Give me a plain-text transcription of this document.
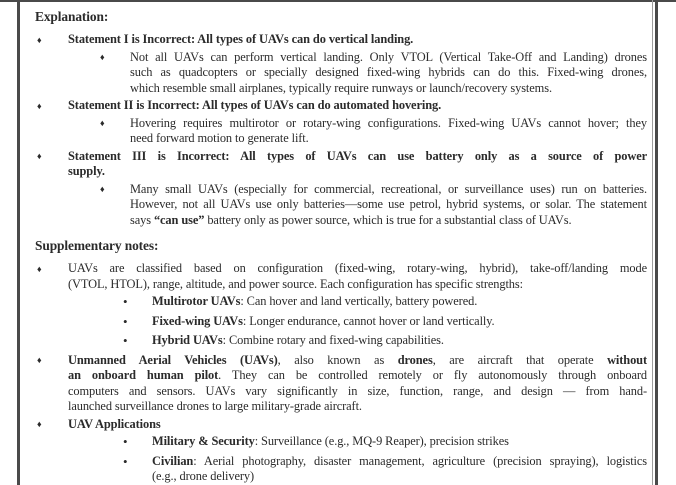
Explanation:
♦ Statement I is Incorrect: All types of UAVs can do vertical landing.
♦ Not all UAVs can perform vertical landing. Only VTOL (Vertical Take-Off and Landing) drones
such as quadcopters or specially designed fixed-wing hybrids can do this. Fixed-wing drones,
which resemble small airplanes, typically require runways or launch/recovery systems.
♦ Statement II is Incorrect: All types of UAVs can do automated hovering.
♦ Hovering requires multirotor or rotary-wing configurations. Fixed-wing UAVs cannot hover; they
need forward motion to generate lift.
♦ Statement III is Incorrect: All types of UAVs can use battery only as a source of power
supply.
♦ Many small UAVs (especially for commercial, recreational, or surveillance uses) run on batteries.
However, not all UAVs use only batteries—some use petrol, hybrid systems, or solar. The statement
says “can use” battery only as power source, which is true for a substantial class of UAVs.
Supplementary notes:
♦ UAVs are classified based on configuration (fixed-wing, rotary-wing, hybrid), take-off/landing mode
(VTOL, HTOL), range, altitude, and power source. Each configuration has specific strengths:
• Multirotor UAVs: Can hover and land vertically, battery powered.
• Fixed-wing UAVs: Longer endurance, cannot hover or land vertically.
• Hybrid UAVs: Combine rotary and fixed-wing capabilities.
♦ Unmanned Aerial Vehicles (UAVs), also known as drones, are aircraft that operate without
an onboard human pilot. They can be controlled remotely or fly autonomously through onboard
computers and sensors. UAVs vary significantly in size, function, range, and design — from hand-
launched surveillance drones to large military-grade aircraft.
♦ UAV Applications
• Military & Security: Surveillance (e.g., MQ-9 Reaper), precision strikes
• Civilian: Aerial photography, disaster management, agriculture (precision spraying), logistics
(e.g., drone delivery)
